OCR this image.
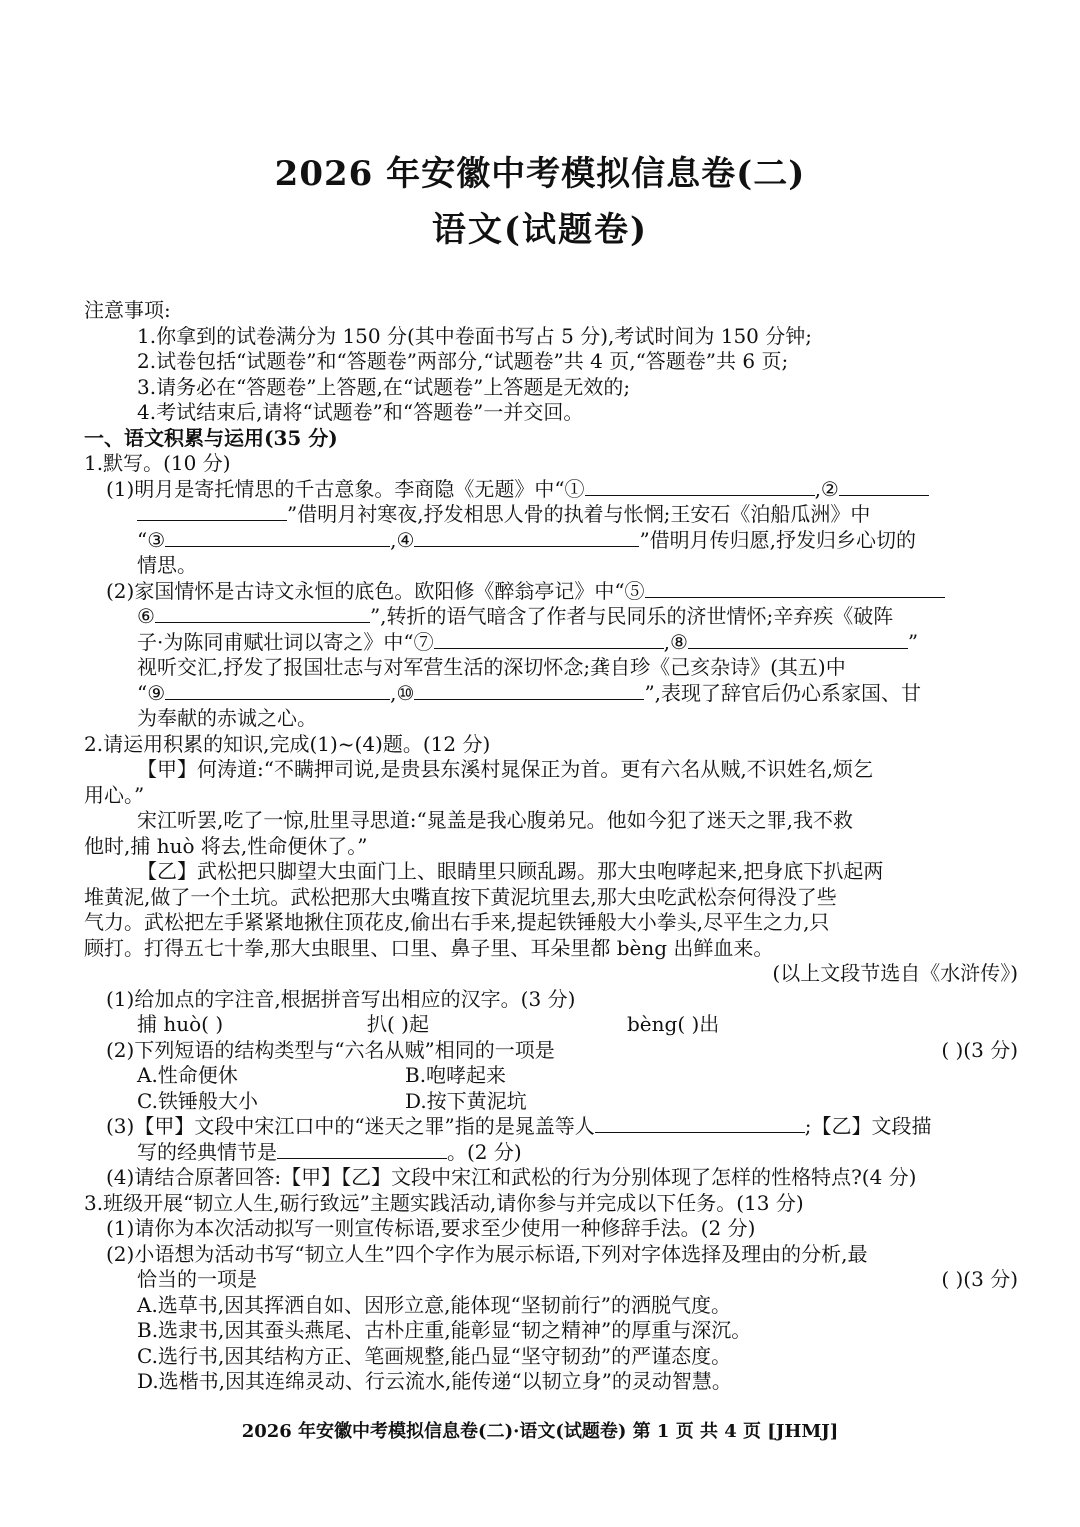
2026 年安徽中考模拟信息卷(二)
语文(试题卷)
注意事项:
1.你拿到的试卷满分为 150 分(其中卷面书写占 5 分),考试时间为 150 分钟;
2.试卷包括“试题卷”和“答题卷”两部分,“试题卷”共 4 页,“答题卷”共 6 页;
3.请务必在“答题卷”上答题,在“试题卷”上答题是无效的;
4.考试结束后,请将“试题卷”和“答题卷”一并交回。
一、语文积累与运用(35 分)
1.默写。(10 分)
(1)明月是寄托情思的千古意象。李商隐《无题》中“①	,②
”借明月衬寒夜,抒发相思人骨的执着与怅惘;王安石《泊船瓜洲》中
“③	,④	”借明月传归愿,抒发归乡心切的
情思。
(2)家国情怀是古诗文永恒的底色。欧阳修《醉翁亭记》中“⑤
⑥	”,转折的语气暗含了作者与民同乐的济世情怀;辛弃疾《破阵
子·为陈同甫赋壮词以寄之》中“⑦	,⑧	”
视听交汇,抒发了报国壮志与对军营生活的深切怀念;龚自珍《己亥杂诗》(其五)中
“⑨	,⑩	”,表现了辞官后仍心系家国、甘
为奉献的赤诚之心。
2.请运用积累的知识,完成(1)~(4)题。(12 分)
【甲】何涛道:“不瞒押司说,是贵县东溪村晁保正为首。更有六名从贼,不识姓名,烦乞
用心。”
宋江听罢,吃了一惊,肚里寻思道:“晁盖是我心腹弟兄。他如今犯了迷天之罪,我不救
他时,捕 huò 将去,性命便休了。”
【乙】武松把只脚望大虫面门上、眼睛里只顾乱踢。那大虫咆哮起来,把身底下扒起两
堆黄泥,做了一个土坑。武松把那大虫嘴直按下黄泥坑里去,那大虫吃武松奈何得没了些
气力。武松把左手紧紧地揪住顶花皮,偷出右手来,提起铁锤般大小拳头,尽平生之力,只
顾打。打得五七十拳,那大虫眼里、口里、鼻子里、耳朵里都 bèng 出鲜血来。
(以上文段节选自《水浒传》)
(1)给加点的字注音,根据拼音写出相应的汉字。(3 分)
捕 huò( )	扒( )起	bèng( )出
(2)下列短语的结构类型与“六名从贼”相同的一项是	( )(3 分)
A.性命便休	B.咆哮起来
C.铁锤般大小	D.按下黄泥坑
(3)【甲】文段中宋江口中的“迷天之罪”指的是晁盖等人	;【乙】文段描
写的经典情节是	。(2 分)
(4)请结合原著回答:【甲】【乙】文段中宋江和武松的行为分别体现了怎样的性格特点?(4 分)
3.班级开展“韧立人生,砺行致远”主题实践活动,请你参与并完成以下任务。(13 分)
(1)请你为本次活动拟写一则宣传标语,要求至少使用一种修辞手法。(2 分)
(2)小语想为活动书写“韧立人生”四个字作为展示标语,下列对字体选择及理由的分析,最
恰当的一项是	( )(3 分)
A.选草书,因其挥洒自如、因形立意,能体现“坚韧前行”的洒脱气度。
B.选隶书,因其蚕头燕尾、古朴庄重,能彰显“韧之精神”的厚重与深沉。
C.选行书,因其结构方正、笔画规整,能凸显“坚守韧劲”的严谨态度。
D.选楷书,因其连绵灵动、行云流水,能传递“以韧立身”的灵动智慧。
2026 年安徽中考模拟信息卷(二)·语文(试题卷) 第 1 页 共 4 页 [JHMJ]
